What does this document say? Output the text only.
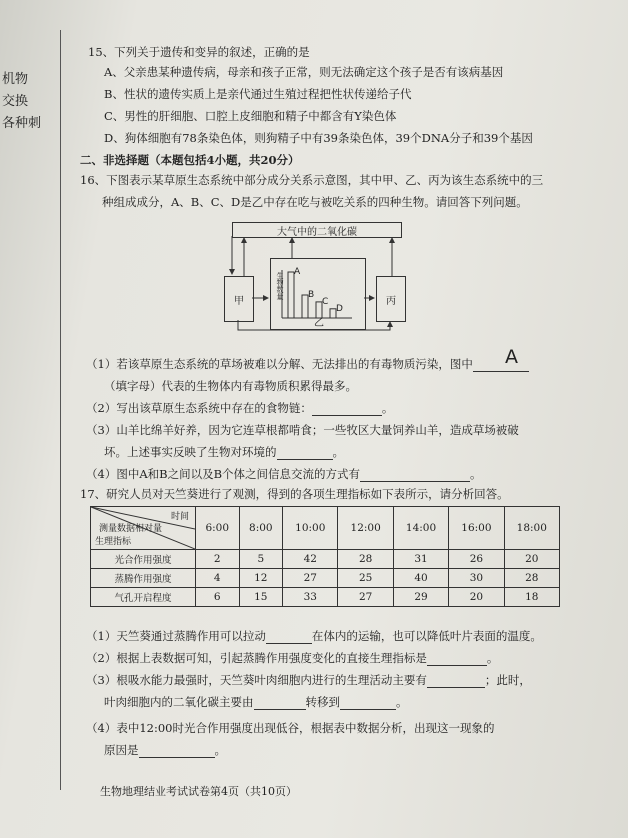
机物
交换
各种刺
15、下列关于遗传和变异的叙述，正确的是
A、父亲患某种遗传病，母亲和孩子正常，则无法确定这个孩子是否有该病基因
B、性状的遗传实质上是亲代通过生殖过程把性状传递给子代
C、男性的肝细胞、口腔上皮细胞和精子中都含有Y染色体
D、狗体细胞有78条染色体，则狗精子中有39条染色体，39个DNA分子和39个基因
二、非选择题（本题包括4小题，共20分）
16、下图表示某草原生态系统中部分成分关系示意图，其中甲、乙、丙为该生态系统中的三
种组成成分，A、B、C、D是乙中存在吃与被吃关系的四种生物。请回答下列问题。
大气中的二氧化碳
甲	丙
A
B
C
D
生物数量
乙
（1）若该草原生态系统的草场被难以分解、无法排出的有毒物质污染，图中	A
（填字母）代表的生物体内有毒物质积累得最多。
（2）写出该草原生态系统中存在的食物链：	。
（3）山羊比绵羊好养，因为它连草根都啃食；一些牧区大量饲养山羊，造成草场被破
坏。上述事实反映了生物对环境的	。
（4）图中A和B之间以及B个体之间信息交流的方式有	。
17、研究人员对天竺葵进行了观测，得到的各项生理指标如下表所示，请分析回答。
时间
测量数据相对量
生理指标	6:00	8:00	10:00	12:00	14:00	16:00	18:00
光合作用强度	2	5	42	28	31	26	20
蒸腾作用强度	4	12	27	25	40	30	28
气孔开启程度	6	15	33	27	29	20	18
（1）天竺葵通过蒸腾作用可以拉动	在体内的运输，也可以降低叶片表面的温度。
（2）根据上表数据可知，引起蒸腾作用强度变化的直接生理指标是	。
（3）根吸水能力最强时，天竺葵叶肉细胞内进行的生理活动主要有	；此时，
叶肉细胞内的二氧化碳主要由	转移到	。
（4）表中12:00时光合作用强度出现低谷，根据表中数据分析，出现这一现象的
原因是	。
生物地理结业考试试卷第4页（共10页）
